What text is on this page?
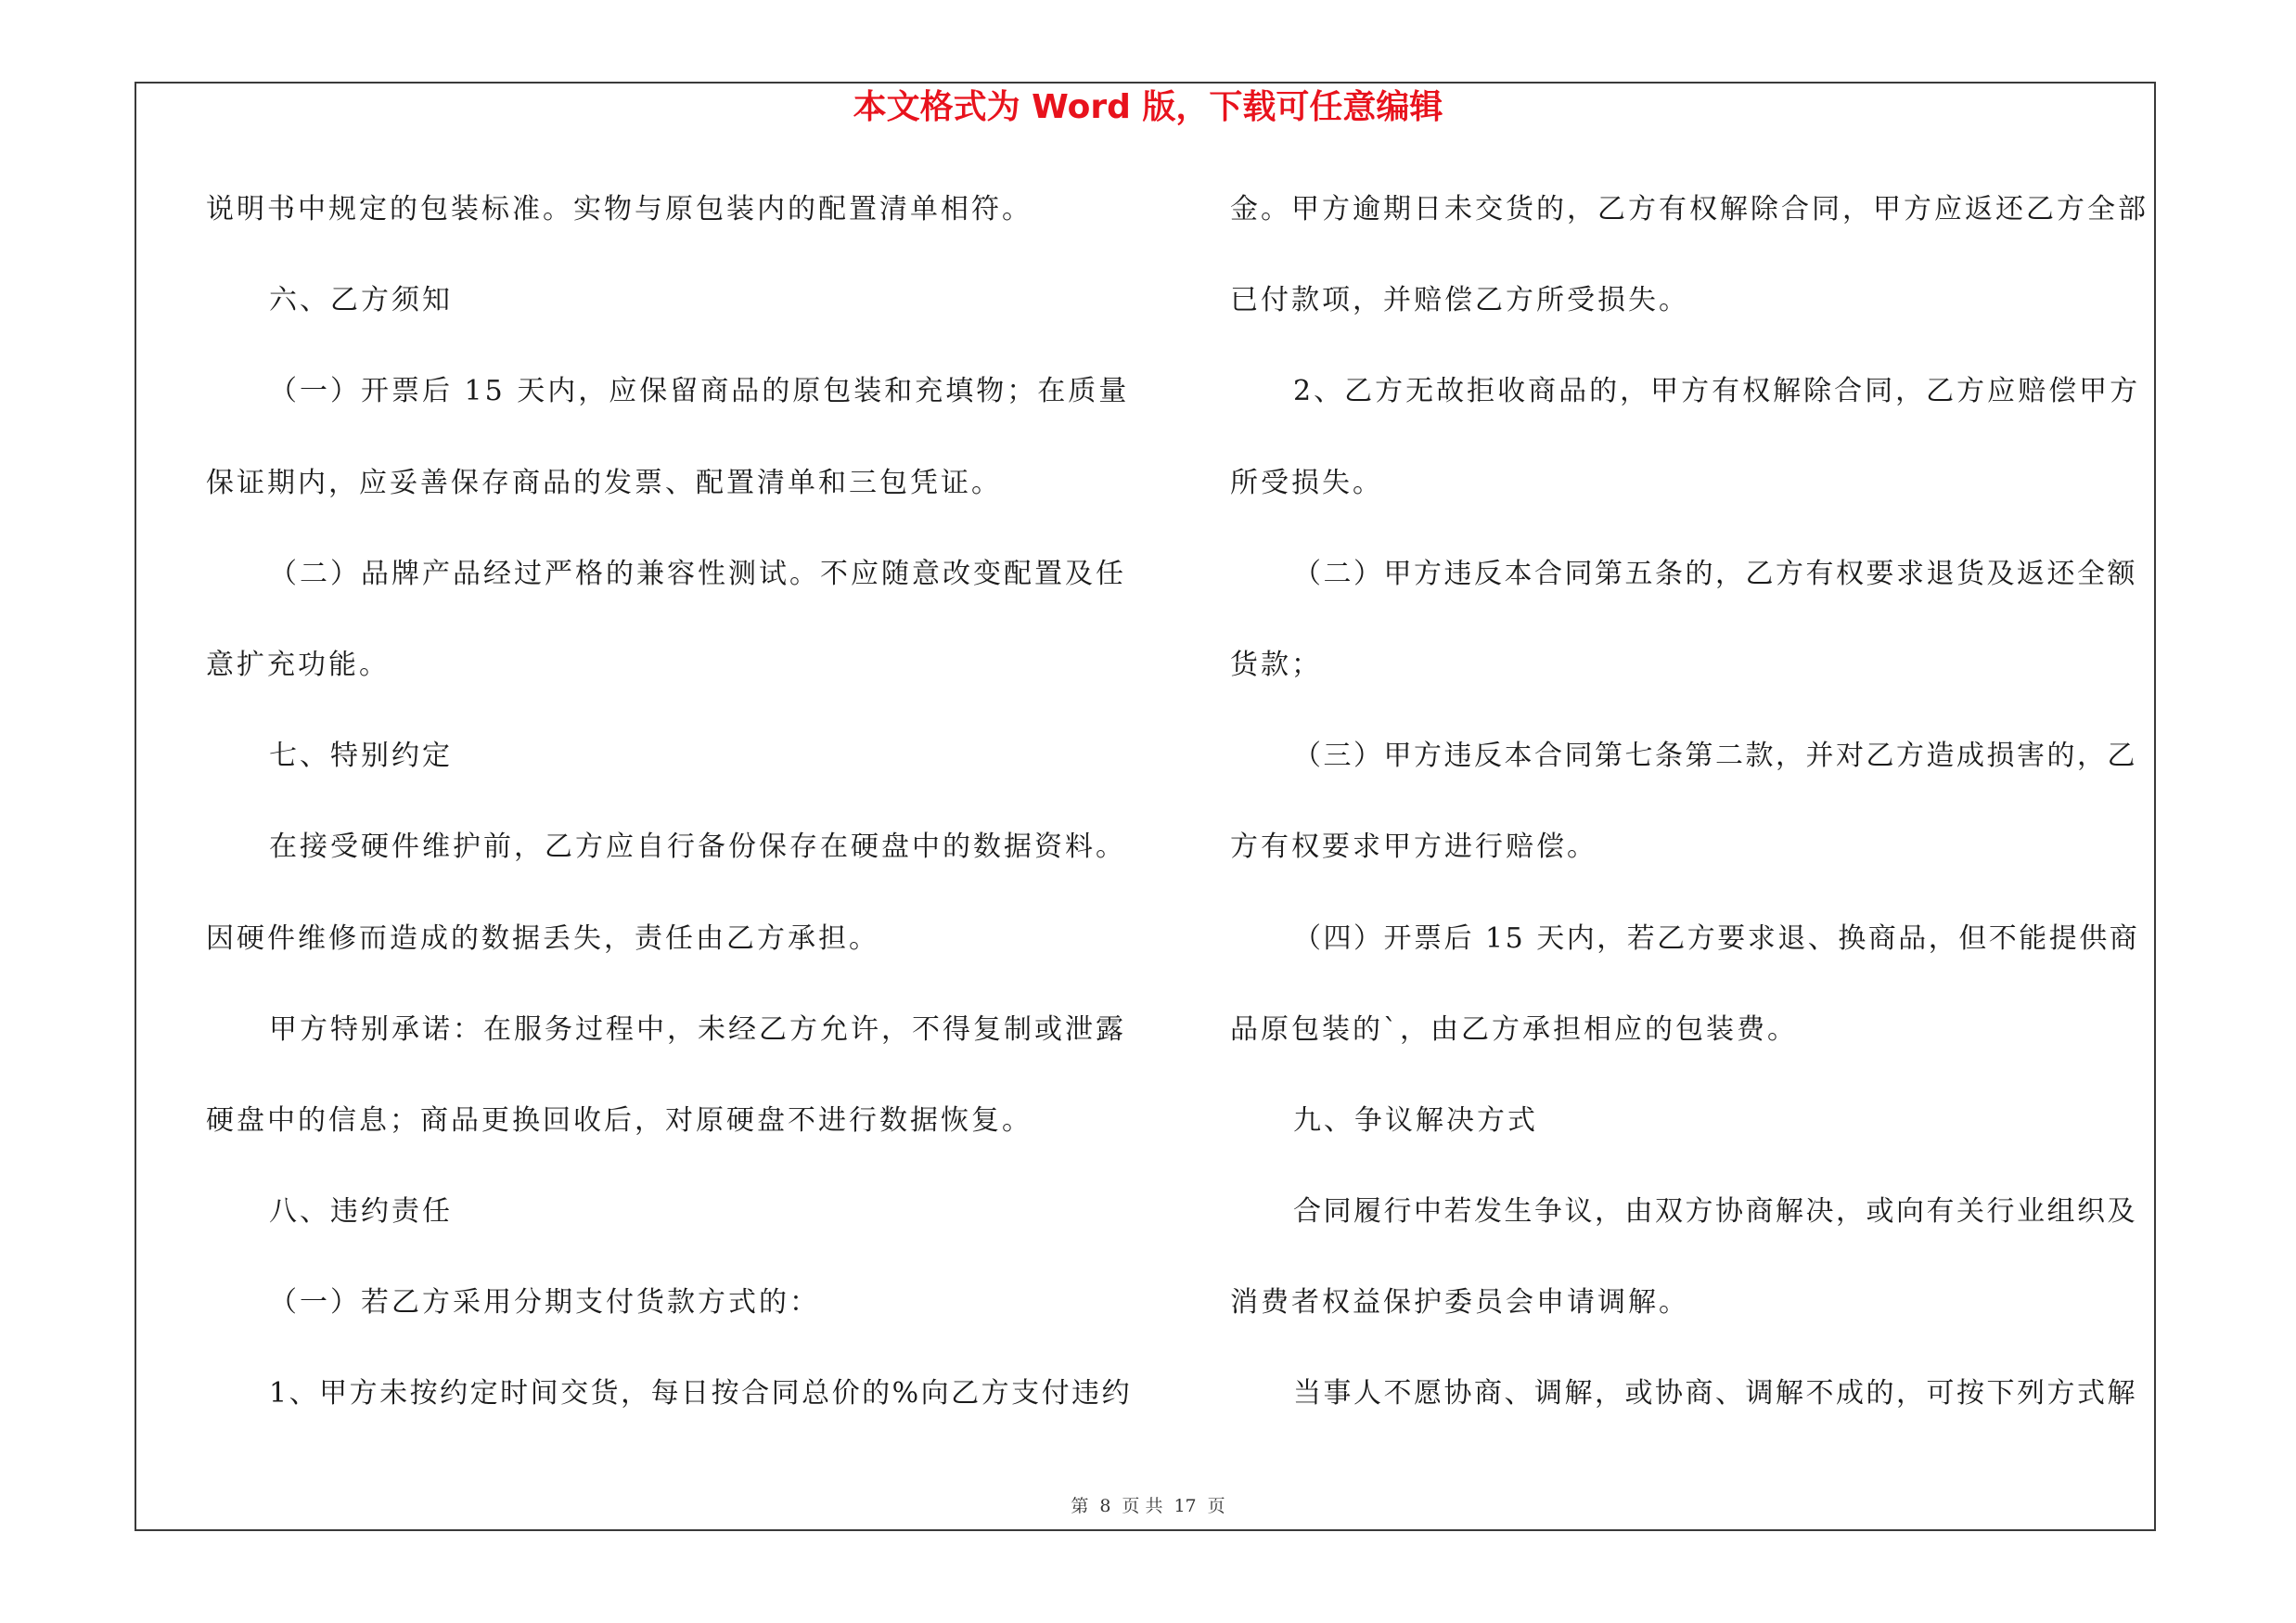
本文格式为 Word 版，下载可任意编辑
说明书中规定的包装标准。实物与原包装内的配置清单相符。
六、乙方须知
（一）开票后 15 天内，应保留商品的原包装和充填物；在质量
保证期内，应妥善保存商品的发票、配置清单和三包凭证。
（二）品牌产品经过严格的兼容性测试。不应随意改变配置及任
意扩充功能。
七、特别约定
在接受硬件维护前，乙方应自行备份保存在硬盘中的数据资料。
因硬件维修而造成的数据丢失，责任由乙方承担。
甲方特别承诺：在服务过程中，未经乙方允许，不得复制或泄露
硬盘中的信息；商品更换回收后，对原硬盘不进行数据恢复。
八、违约责任
（一）若乙方采用分期支付货款方式的：
1、甲方未按约定时间交货，每日按合同总价的%向乙方支付违约
金。甲方逾期日未交货的，乙方有权解除合同，甲方应返还乙方全部
已付款项，并赔偿乙方所受损失。
2、乙方无故拒收商品的，甲方有权解除合同，乙方应赔偿甲方
所受损失。
（二）甲方违反本合同第五条的，乙方有权要求退货及返还全额
货款；
（三）甲方违反本合同第七条第二款，并对乙方造成损害的，乙
方有权要求甲方进行赔偿。
（四）开票后 15 天内，若乙方要求退、换商品，但不能提供商
品原包装的`，由乙方承担相应的包装费。
九、争议解决方式
合同履行中若发生争议，由双方协商解决，或向有关行业组织及
消费者权益保护委员会申请调解。
当事人不愿协商、调解，或协商、调解不成的，可按下列方式解
第 8 页 共 17 页
